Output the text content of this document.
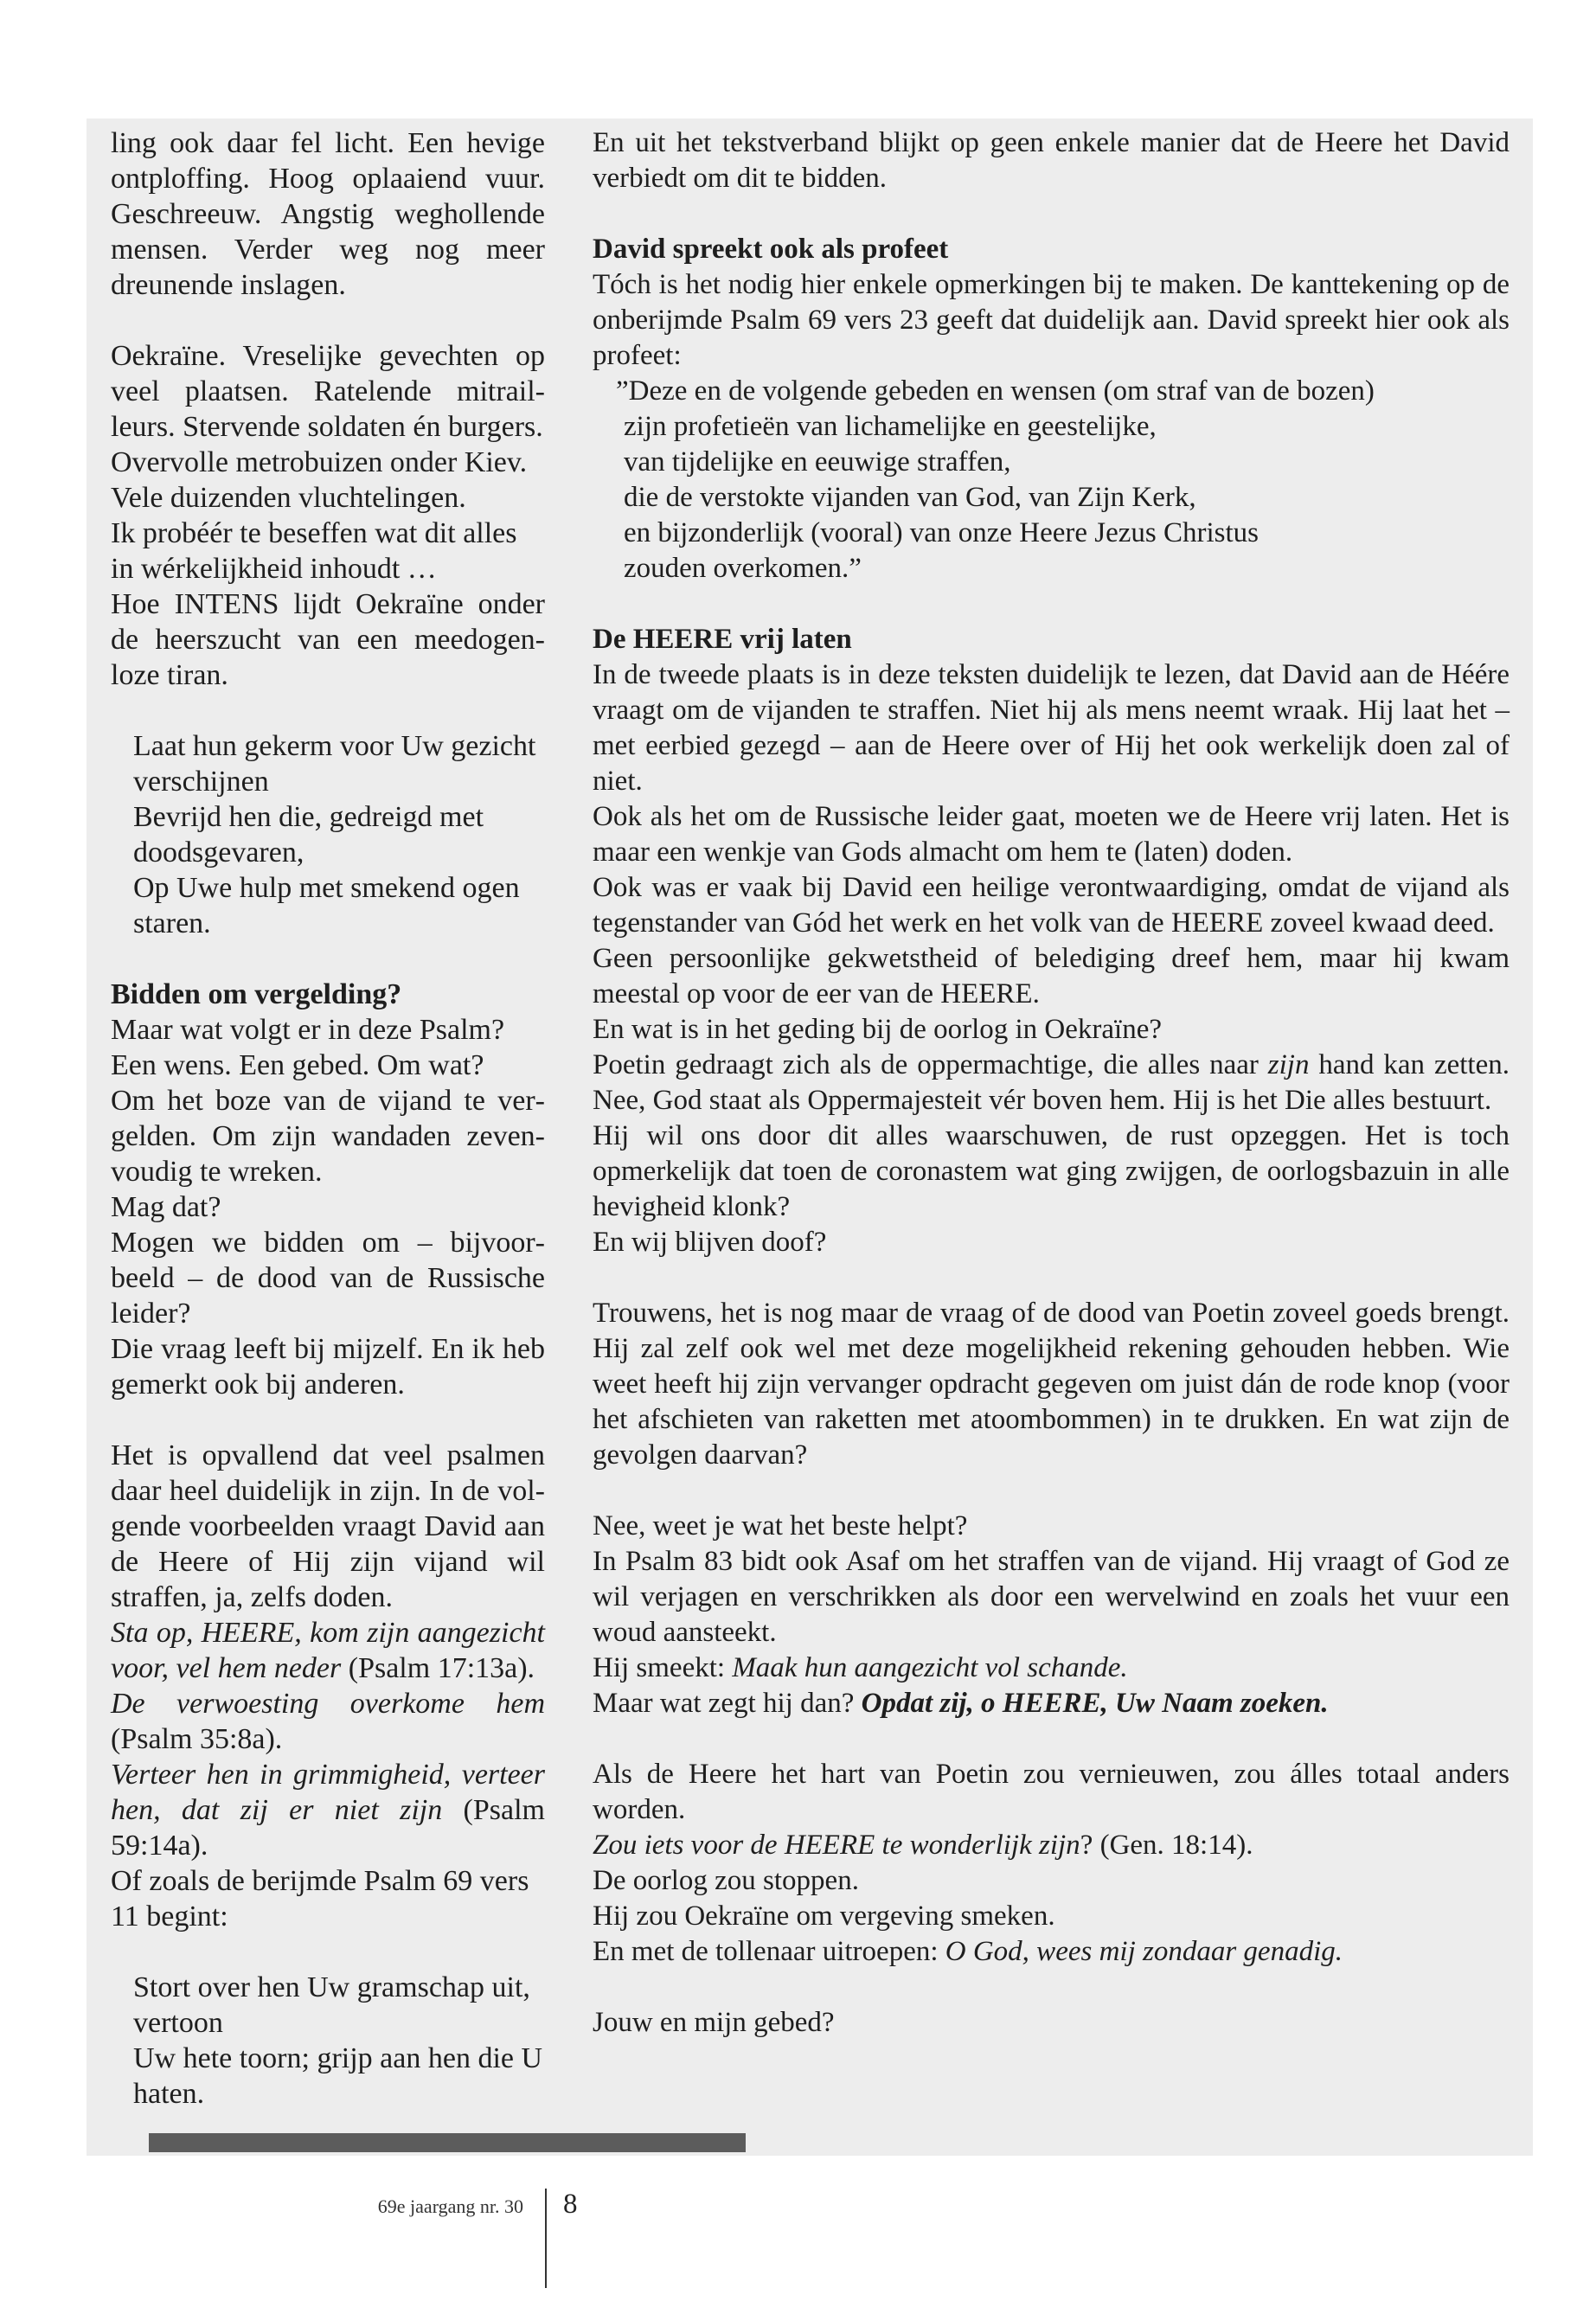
ling ook daar fel licht. Een hevige ontploffing. Hoog oplaaiend vuur. Geschreeuw. Angstig weghollende mensen. Verder weg nog meer dreunende inslagen.

Oekraïne. Vreselijke gevechten op veel plaatsen. Ratelende mitrailleurs. Stervende soldaten én burgers.

Overvolle metrobuizen onder Kiev.

Vele duizenden vluchtelingen.

Ik probéér te beseffen wat dit alles in wérkelijkheid inhoudt …

Hoe INTENS lijdt Oekraïne onder de heerszucht van een meedogenloze tiran.

Laat hun gekerm voor Uw gezicht verschijnen

Bevrijd hen die, gedreigd met doodsgevaren,

Op Uwe hulp met smekend ogen staren.

Bidden om vergelding?

Maar wat volgt er in deze Psalm?

Een wens. Een gebed. Om wat?

Om het boze van de vijand te vergelden. Om zijn wandaden zevenvoudig te wreken.

Mag dat?

Mogen we bidden om – bijvoorbeeld – de dood van de Russische leider?

Die vraag leeft bij mijzelf. En ik heb gemerkt ook bij anderen.

Het is opvallend dat veel psalmen daar heel duidelijk in zijn. In de volgende voorbeelden vraagt David aan de Heere of Hij zijn vijand wil straffen, ja, zelfs doden.

Sta op, HEERE, kom zijn aangezicht voor, vel hem neder (Psalm 17:13a).

De verwoesting overkome hem (Psalm 35:8a).

Verteer hen in grimmigheid, verteer hen, dat zij er niet zijn (Psalm 59:14a).

Of zoals de berijmde Psalm 69 vers 11 begint:

Stort over hen Uw gramschap uit, vertoon

Uw hete toorn; grijp aan hen die U haten.

En uit het tekstverband blijkt op geen enkele manier dat de Heere het David verbiedt om dit te bidden.

David spreekt ook als profeet

Tóch is het nodig hier enkele opmerkingen bij te maken. De kanttekening op de onberijmde Psalm 69 vers 23 geeft dat duidelijk aan. David spreekt hier ook als profeet:

”Deze en de volgende gebeden en wensen (om straf van de bozen)

zijn profetieën van lichamelijke en geestelijke,

van tijdelijke en eeuwige straffen,

die de verstokte vijanden van God, van Zijn Kerk,

en bijzonderlijk (vooral) van onze Heere Jezus Christus

zouden overkomen.”

De HEERE vrij laten

In de tweede plaats is in deze teksten duidelijk te lezen, dat David aan de Héére vraagt om de vijanden te straffen. Niet hij als mens neemt wraak. Hij laat het – met eerbied gezegd – aan de Heere over of Hij het ook werkelijk doen zal of niet.

Ook als het om de Russische leider gaat, moeten we de Heere vrij laten. Het is maar een wenkje van Gods almacht om hem te (laten) doden.

Ook was er vaak bij David een heilige verontwaardiging, omdat de vijand als tegenstander van Gód het werk en het volk van de HEERE zoveel kwaad deed.

Geen persoonlijke gekwetstheid of belediging dreef hem, maar hij kwam meestal op voor de eer van de HEERE.

En wat is in het geding bij de oorlog in Oekraïne?

Poetin gedraagt zich als de oppermachtige, die alles naar zijn hand kan zetten. Nee, God staat als Oppermajesteit vér boven hem. Hij is het Die alles bestuurt.

Hij wil ons door dit alles waarschuwen, de rust opzeggen. Het is toch opmerkelijk dat toen de coronastem wat ging zwijgen, de oorlogsbazuin in alle hevigheid klonk?

En wij blijven doof?

Trouwens, het is nog maar de vraag of de dood van Poetin zoveel goeds brengt. Hij zal zelf ook wel met deze mogelijkheid rekening gehouden hebben. Wie weet heeft hij zijn vervanger opdracht gegeven om juist dán de rode knop (voor het afschieten van raketten met atoombommen) in te drukken. En wat zijn de gevolgen daarvan?

Nee, weet je wat het beste helpt?

In Psalm 83 bidt ook Asaf om het straffen van de vijand. Hij vraagt of God ze wil verjagen en verschrikken als door een wervelwind en zoals het vuur een woud aansteekt.

Hij smeekt: Maak hun aangezicht vol schande.

Maar wat zegt hij dan? Opdat zij, o HEERE, Uw Naam zoeken.

Als de Heere het hart van Poetin zou vernieuwen, zou álles totaal anders worden.

Zou iets voor de HEERE te wonderlijk zijn? (Gen. 18:14).

De oorlog zou stoppen.

Hij zou Oekraïne om vergeving smeken.

En met de tollenaar uitroepen: O God, wees mij zondaar genadig.

Jouw en mijn gebed?

69e jaargang nr. 30 8
